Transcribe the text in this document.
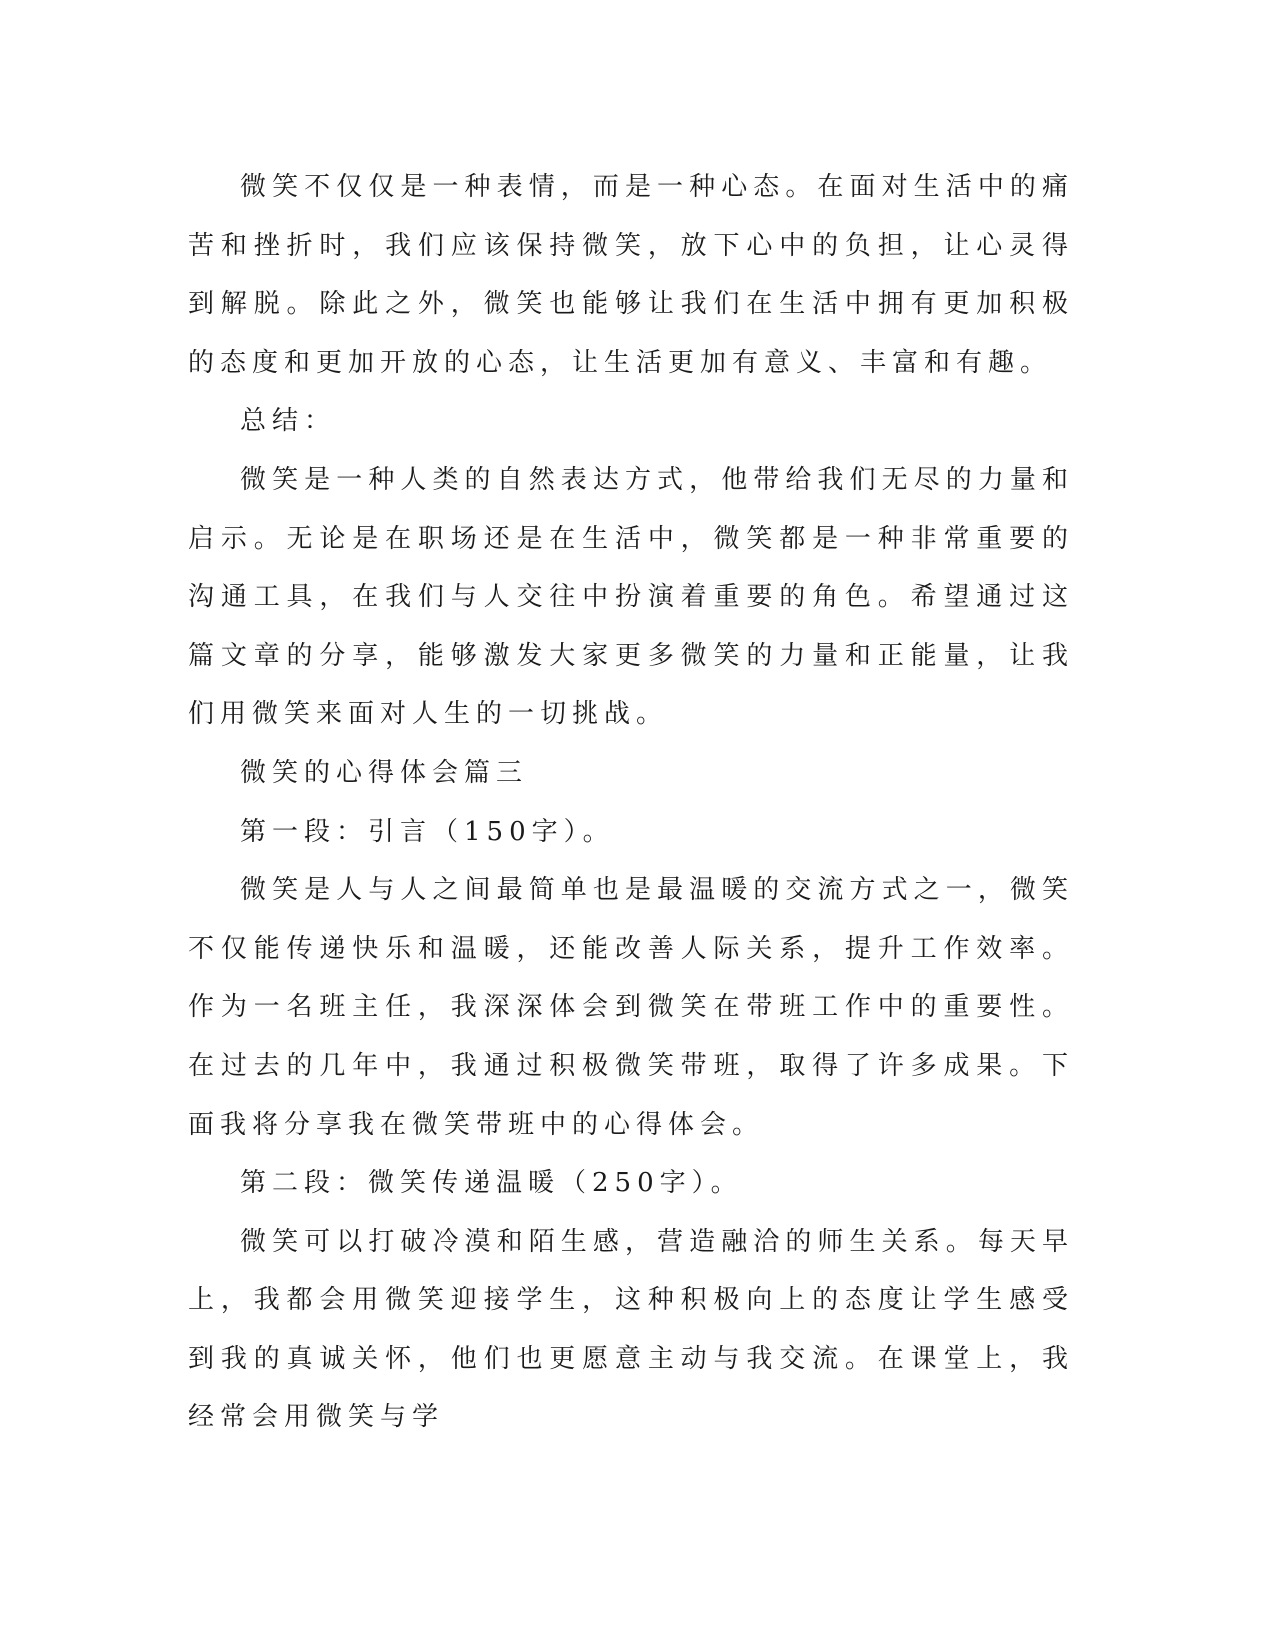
微笑不仅仅是一种表情，而是一种心态。在面对生活中的痛苦和挫折时，我们应该保持微笑，放下心中的负担，让心灵得到解脱。除此之外，微笑也能够让我们在生活中拥有更加积极的态度和更加开放的心态，让生活更加有意义、丰富和有趣。

总结：

微笑是一种人类的自然表达方式，他带给我们无尽的力量和启示。无论是在职场还是在生活中，微笑都是一种非常重要的沟通工具，在我们与人交往中扮演着重要的角色。希望通过这篇文章的分享，能够激发大家更多微笑的力量和正能量，让我们用微笑来面对人生的一切挑战。

微笑的心得体会篇三

第一段：引言（150字）。

微笑是人与人之间最简单也是最温暖的交流方式之一，微笑不仅能传递快乐和温暖，还能改善人际关系，提升工作效率。作为一名班主任，我深深体会到微笑在带班工作中的重要性。在过去的几年中，我通过积极微笑带班，取得了许多成果。下面我将分享我在微笑带班中的心得体会。

第二段：微笑传递温暖（250字）。

微笑可以打破冷漠和陌生感，营造融洽的师生关系。每天早上，我都会用微笑迎接学生，这种积极向上的态度让学生感受到我的真诚关怀，他们也更愿意主动与我交流。在课堂上，我经常会用微笑与学
